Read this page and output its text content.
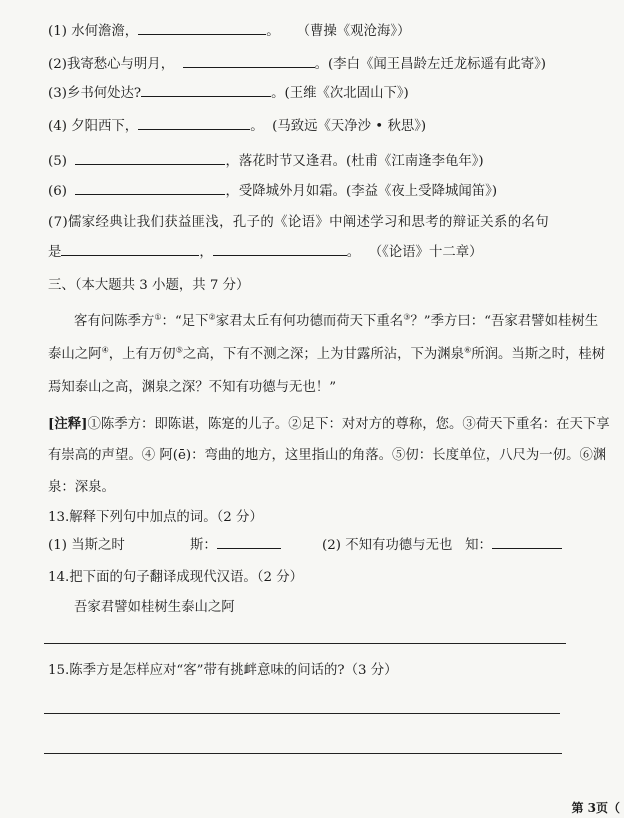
(1) 水何澹澹，	。 （曹操《观沧海》）
(2)我寄愁心与明月，	。(李白《闻王昌龄左迁龙标遥有此寄》)
(3)乡书何处达?	。(王维《次北固山下》)
(4) 夕阳西下，	。 (马致远《天净沙 • 秋思》)
(5)	，落花时节又逢君。(杜甫《江南逢李龟年》)
(6)	，受降城外月如霜。(李益《夜上受降城闻笛》)
(7)儒家经典让我们获益匪浅，孔子的《论语》中阐述学习和思考的辩证关系的名句
是	，	。 （《论语》十二章）
三、（本大题共 3 小题，共 7 分）
客有问陈季方①：“足下②家君太丘有何功德而荷天下重名③？”季方曰：“吾家君譬如桂树生
泰山之阿④，上有万仞⑤之高，下有不测之深；上为甘露所沾，下为渊泉⑥所润。当斯之时，桂树
焉知泰山之高，渊泉之深？不知有功德与无也！”
[注释]①陈季方：即陈谌，陈寔的儿子。②足下：对对方的尊称，您。③荷天下重名：在天下享
有崇高的声望。④ 阿(ē)：弯曲的地方，这里指山的角落。⑤仞：长度单位，八尺为一仞。⑥渊
泉：深泉。
13.解释下列句中加点的词。（2 分）
(1) 当斯之时	斯：	(2) 不知有功德与无也 知：
14.把下面的句子翻译成现代汉语。（2 分）
吾家君譬如桂树生泰山之阿
15.陈季方是怎样应对“客”带有挑衅意味的问话的?（3 分）
第 3页（
